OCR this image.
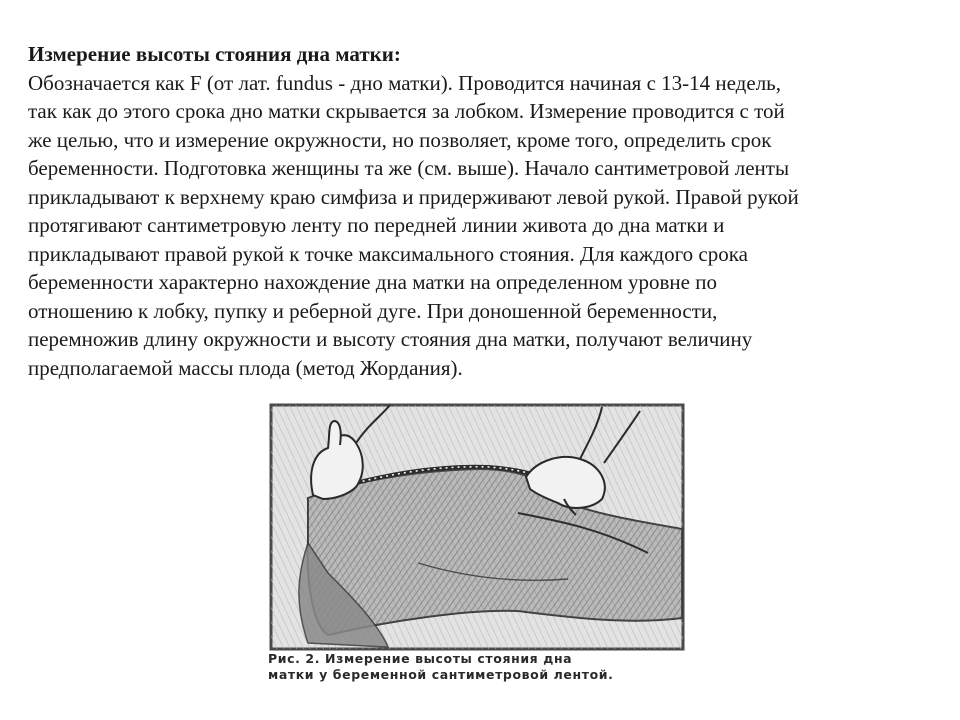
Измерение высоты стояния дна матки:
Обозначается как F (от лат. fundus - дно матки). Проводится начиная с 13-14 недель,
так как до этого срока дно матки скрывается за лобком. Измерение проводится с той
же целью, что и измерение окружности, но позволяет, кроме того, определить срок
беременности. Подготовка женщины та же (см. выше). Начало сантиметровой ленты
прикладывают к верхнему краю симфиза и придерживают левой рукой. Правой рукой
протягивают сантиметровую ленту по передней линии живота до дна матки и
прикладывают правой рукой к точке максимального стояния. Для каждого срока
беременности характерно нахождение дна матки на определенном уровне по
отношению к лобку, пупку и реберной дуге. При доношенной беременности,
перемножив длину окружности и высоту стояния дна матки, получают величину
предполагаемой массы плода (метод Жордания).
Рис. 2. Измерение высоты стояния дна
матки у беременной сантиметровой лентой.
